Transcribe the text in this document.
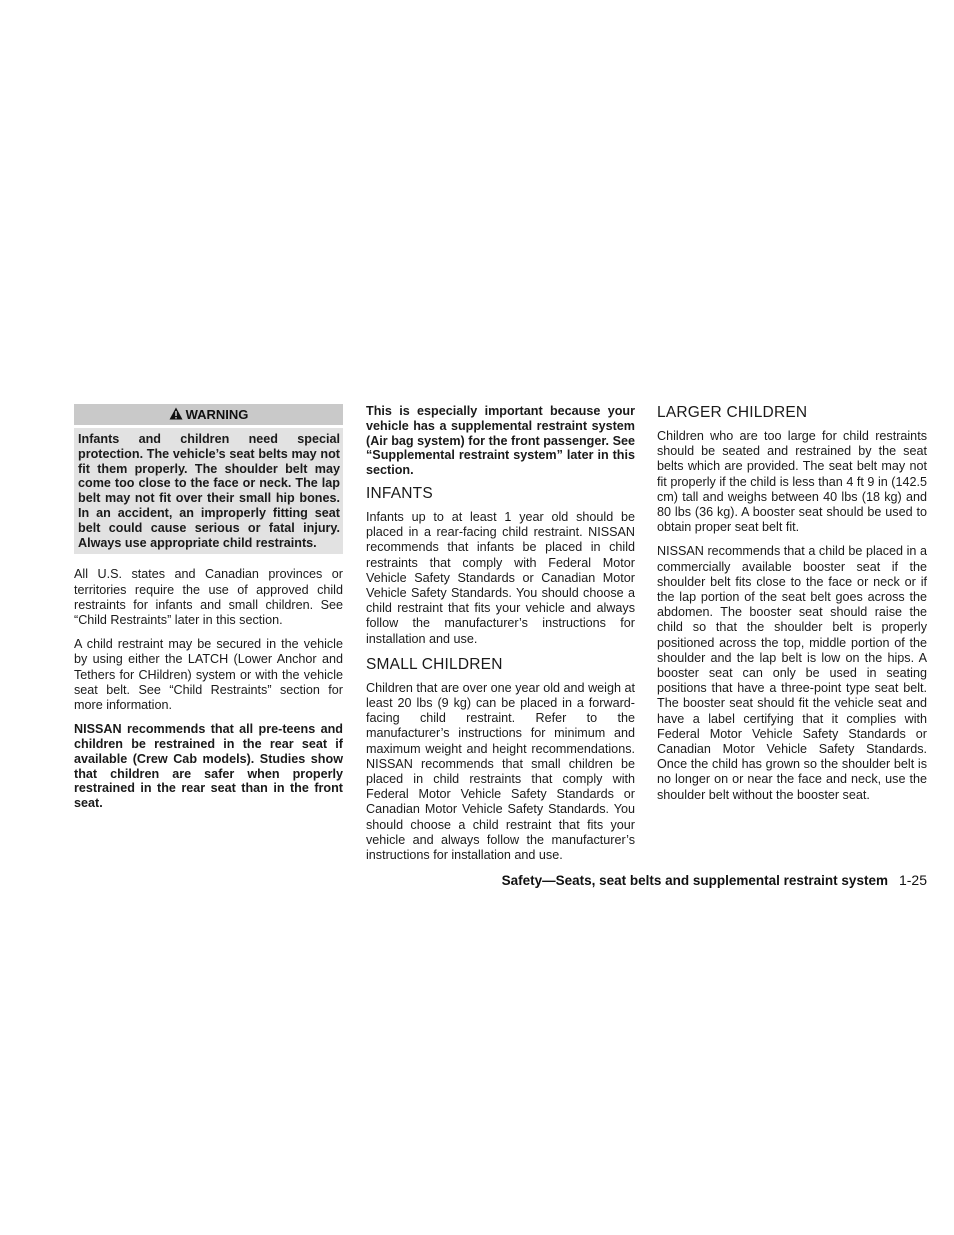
WARNING
Infants and children need special protection. The vehicle’s seat belts may not fit them properly. The shoulder belt may come too close to the face or neck. The lap belt may not fit over their small hip bones. In an accident, an improperly fitting seat belt could cause serious or fatal injury. Always use appropriate child restraints.

All U.S. states and Canadian provinces or territories require the use of approved child restraints for infants and small children. See “Child Restraints” later in this section.

A child restraint may be secured in the vehicle by using either the LATCH (Lower Anchor and Tethers for CHildren) system or with the vehicle seat belt. See “Child Restraints” section for more information.

NISSAN recommends that all pre-teens and children be restrained in the rear seat if available (Crew Cab models). Studies show that children are safer when properly restrained in the rear seat than in the front seat.

This is especially important because your vehicle has a supplemental restraint system (Air bag system) for the front passenger. See “Supplemental restraint system” later in this section.

INFANTS

Infants up to at least 1 year old should be placed in a rear-facing child restraint. NISSAN recommends that infants be placed in child restraints that comply with Federal Motor Vehicle Safety Standards or Canadian Motor Vehicle Safety Standards. You should choose a child restraint that fits your vehicle and always follow the manufacturer’s instructions for installation and use.

SMALL CHILDREN

Children that are over one year old and weigh at least 20 lbs (9 kg) can be placed in a forward-facing child restraint. Refer to the manufacturer’s instructions for minimum and maximum weight and height recommendations. NISSAN recommends that small children be placed in child restraints that comply with Federal Motor Vehicle Safety Standards or Canadian Motor Vehicle Safety Standards. You should choose a child restraint that fits your vehicle and always follow the manufacturer’s instructions for installation and use.

LARGER CHILDREN

Children who are too large for child restraints should be seated and restrained by the seat belts which are provided. The seat belt may not fit properly if the child is less than 4 ft 9 in (142.5 cm) tall and weighs between 40 lbs (18 kg) and 80 lbs (36 kg). A booster seat should be used to obtain proper seat belt fit.

NISSAN recommends that a child be placed in a commercially available booster seat if the shoulder belt fits close to the face or neck or if the lap portion of the seat belt goes across the abdomen. The booster seat should raise the child so that the shoulder belt is properly positioned across the top, middle portion of the shoulder and the lap belt is low on the hips. A booster seat can only be used in seating positions that have a three-point type seat belt. The booster seat should fit the vehicle seat and have a label certifying that it complies with Federal Motor Vehicle Safety Standards or Canadian Motor Vehicle Safety Standards. Once the child has grown so the shoulder belt is no longer on or near the face and neck, use the shoulder belt without the booster seat.

Safety—Seats, seat belts and supplemental restraint system 1-25
